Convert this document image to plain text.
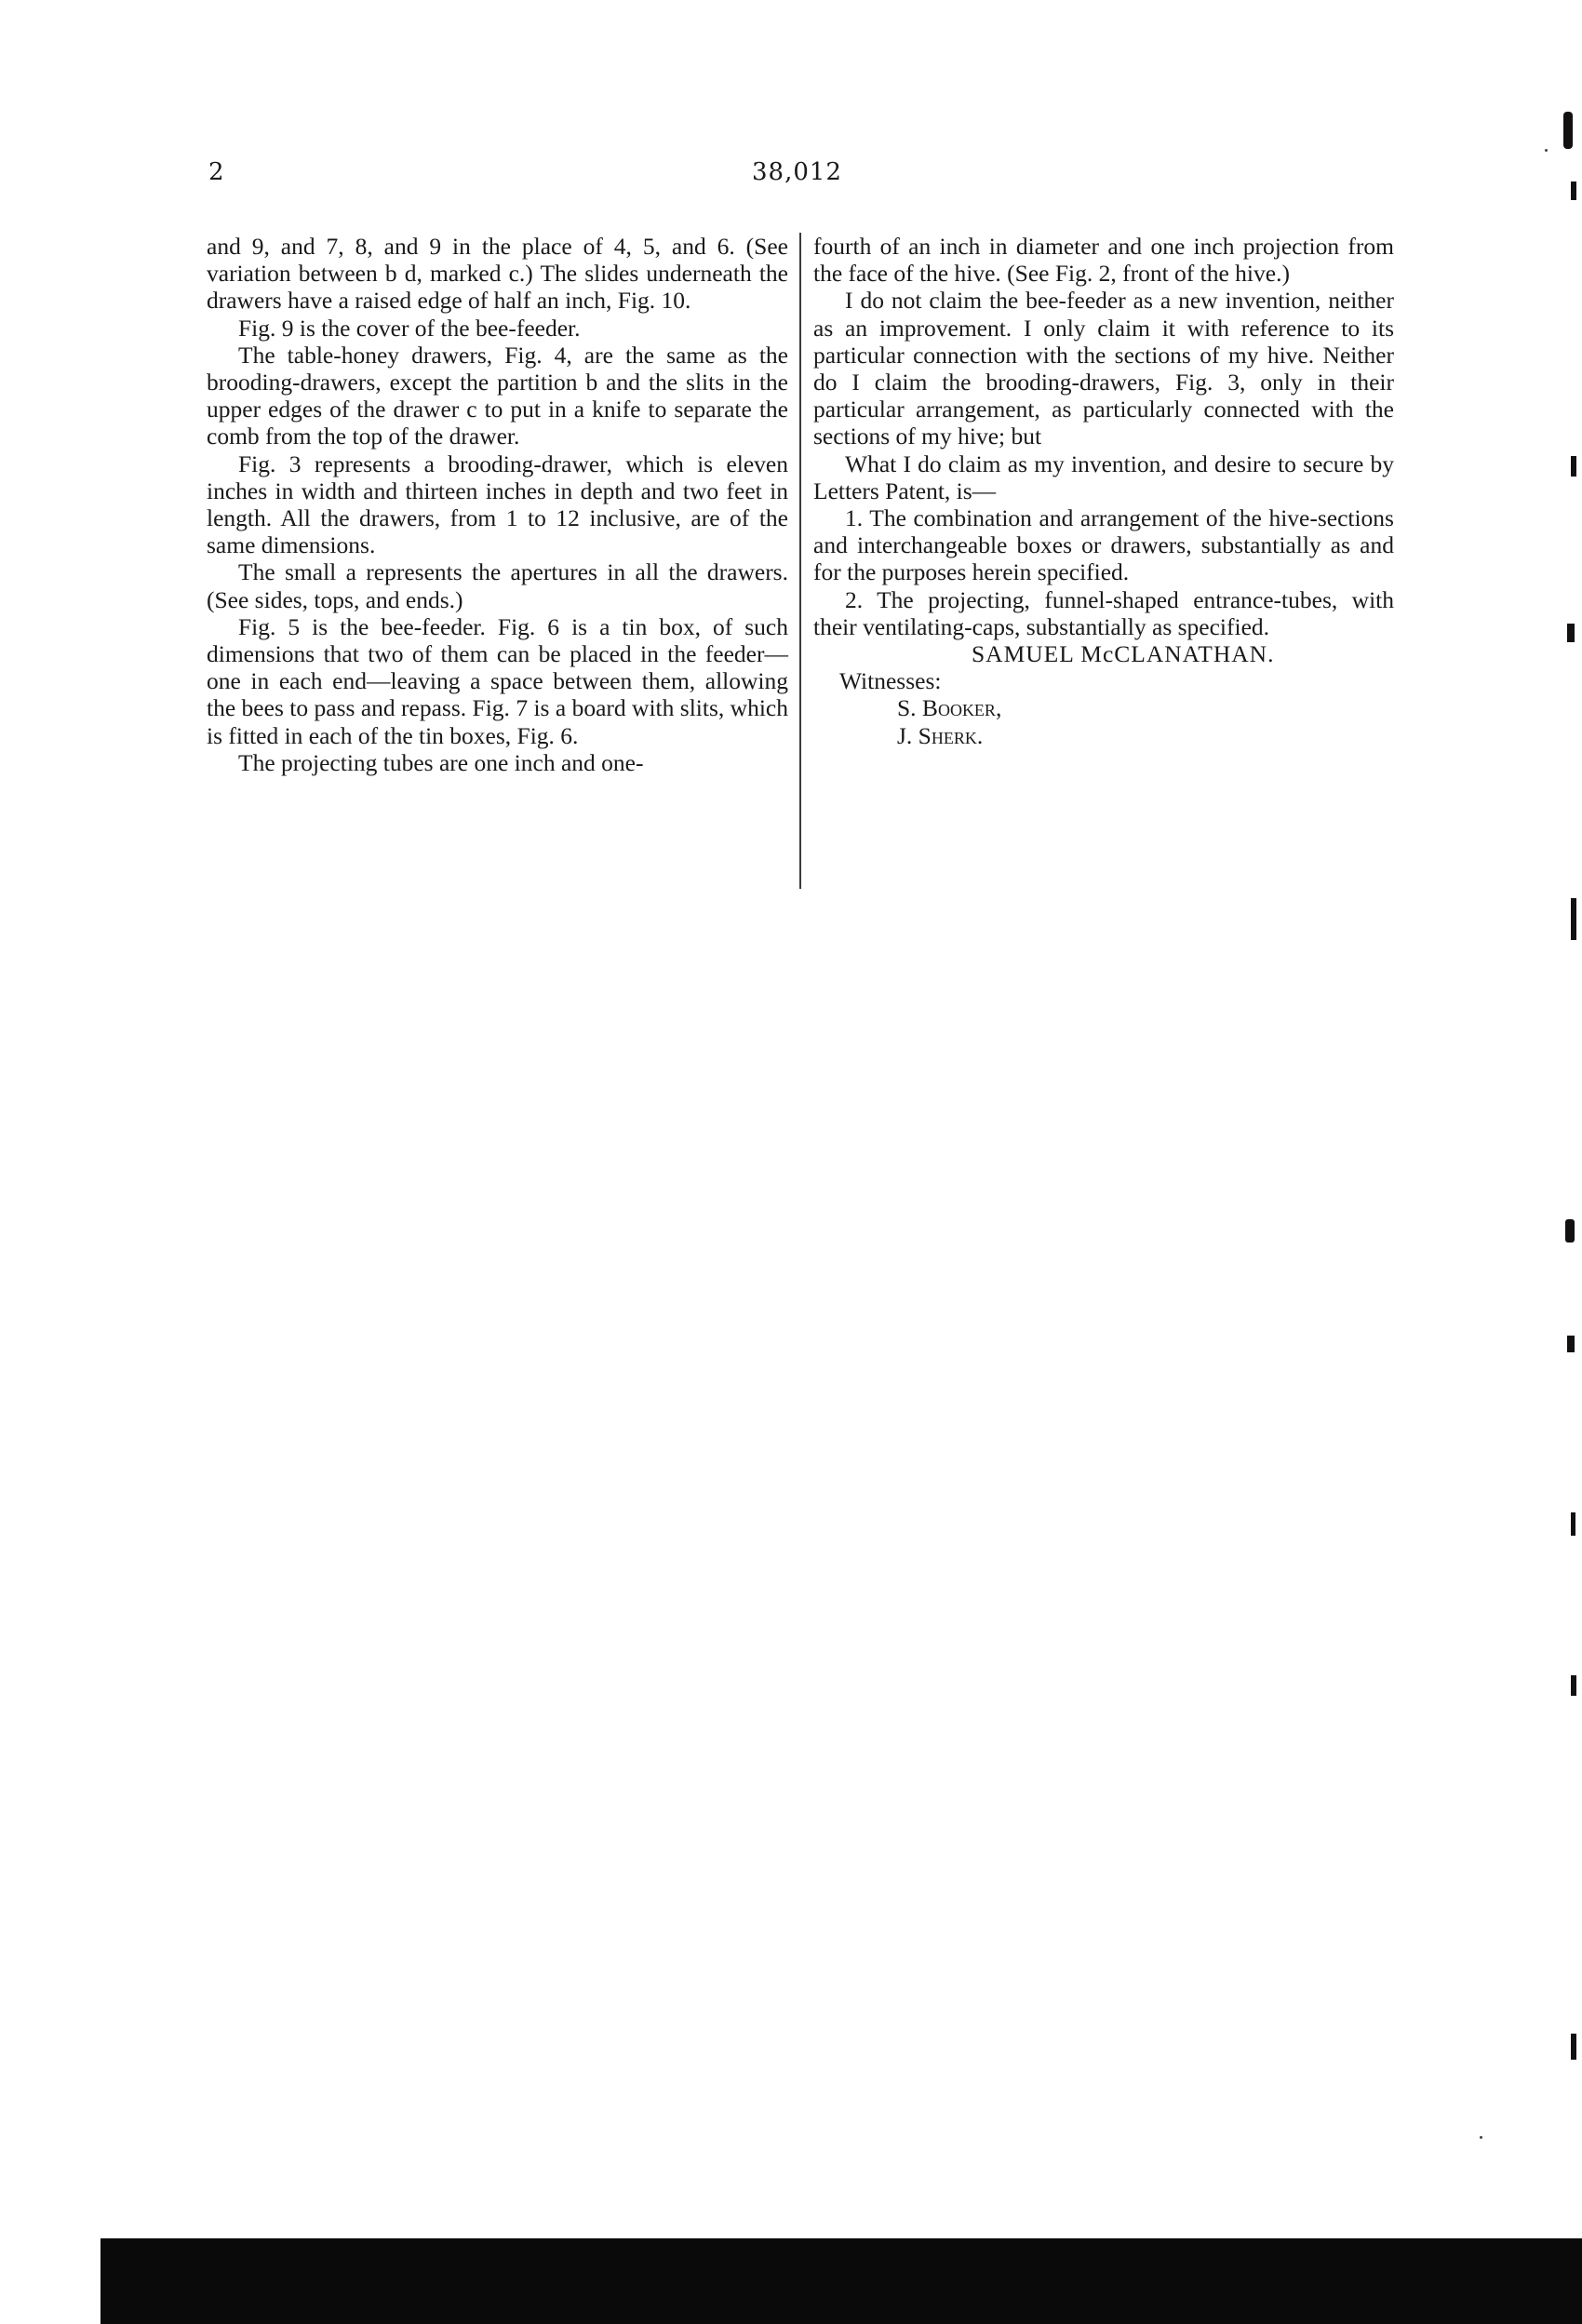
2	38,012

and 9, and 7, 8, and 9 in the place of 4, 5, and 6. (See variation between b d, marked c.) The slides underneath the drawers have a raised edge of half an inch, Fig. 10.

Fig. 9 is the cover of the bee-feeder.

The table-honey drawers, Fig. 4, are the same as the brooding-drawers, except the partition b and the slits in the upper edges of the drawer c to put in a knife to separate the comb from the top of the drawer.

Fig. 3 represents a brooding-drawer, which is eleven inches in width and thirteen inches in depth and two feet in length. All the drawers, from 1 to 12 inclusive, are of the same dimensions.

The small a represents the apertures in all the drawers. (See sides, tops, and ends.)

Fig. 5 is the bee-feeder. Fig. 6 is a tin box, of such dimensions that two of them can be placed in the feeder—one in each end—leaving a space between them, allowing the bees to pass and repass. Fig. 7 is a board with slits, which is fitted in each of the tin boxes, Fig. 6.

The projecting tubes are one inch and one-

fourth of an inch in diameter and one inch projection from the face of the hive. (See Fig. 2, front of the hive.)

I do not claim the bee-feeder as a new invention, neither as an improvement. I only claim it with reference to its particular connection with the sections of my hive. Neither do I claim the brooding-drawers, Fig. 3, only in their particular arrangement, as particularly connected with the sections of my hive; but

What I do claim as my invention, and desire to secure by Letters Patent, is—

1. The combination and arrangement of the hive-sections and interchangeable boxes or drawers, substantially as and for the purposes herein specified.

2. The projecting, funnel-shaped entrance-tubes, with their ventilating-caps, substantially as specified.

SAMUEL McCLANATHAN.

Witnesses:

S. Booker,

J. Sherk.
